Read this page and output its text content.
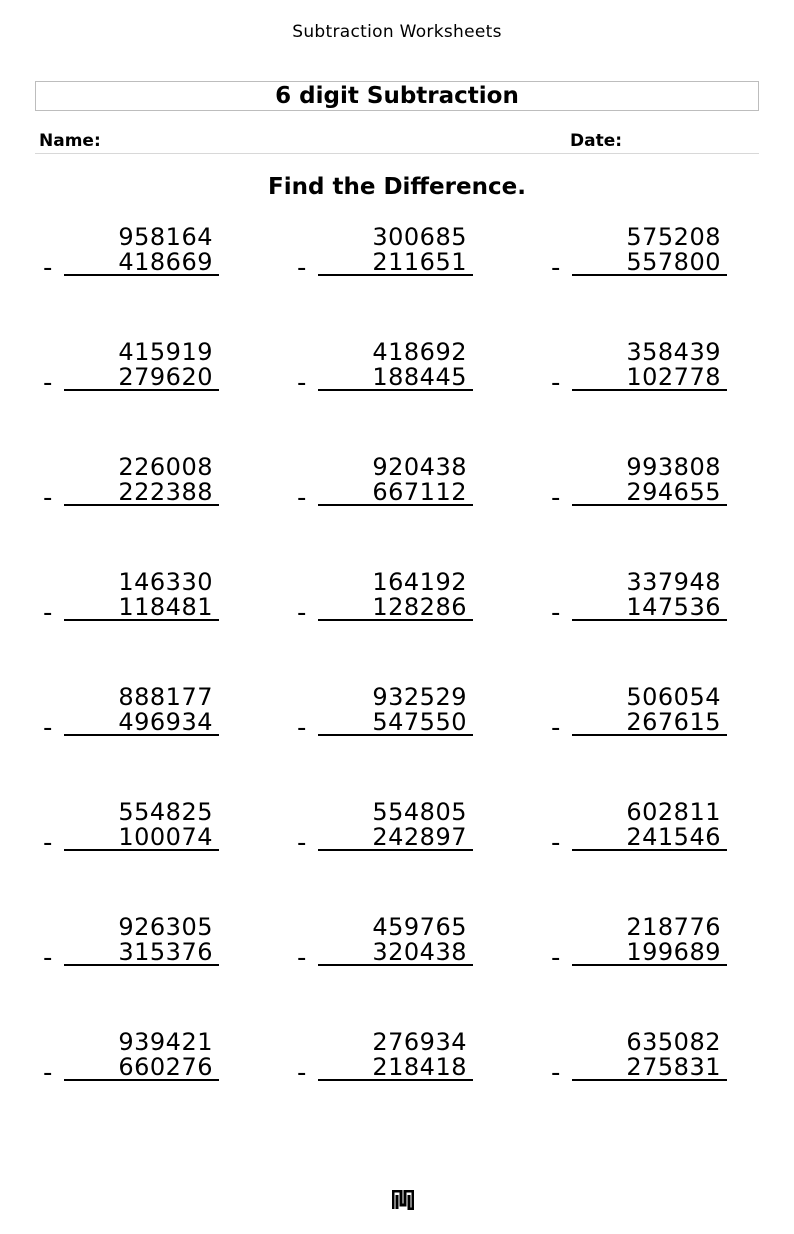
Subtraction Worksheets
6 digit Subtraction
Name:	Date:
Find the Difference.
958164
418669
-
300685
211651
-
575208
557800
-
415919
279620
-
418692
188445
-
358439
102778
-
226008
222388
-
920438
667112
-
993808
294655
-
146330
118481
-
164192
128286
-
337948
147536
-
888177
496934
-
932529
547550
-
506054
267615
-
554825
100074
-
554805
242897
-
602811
241546
-
926305
315376
-
459765
320438
-
218776
199689
-
939421
660276
-
276934
218418
-
635082
275831
-
